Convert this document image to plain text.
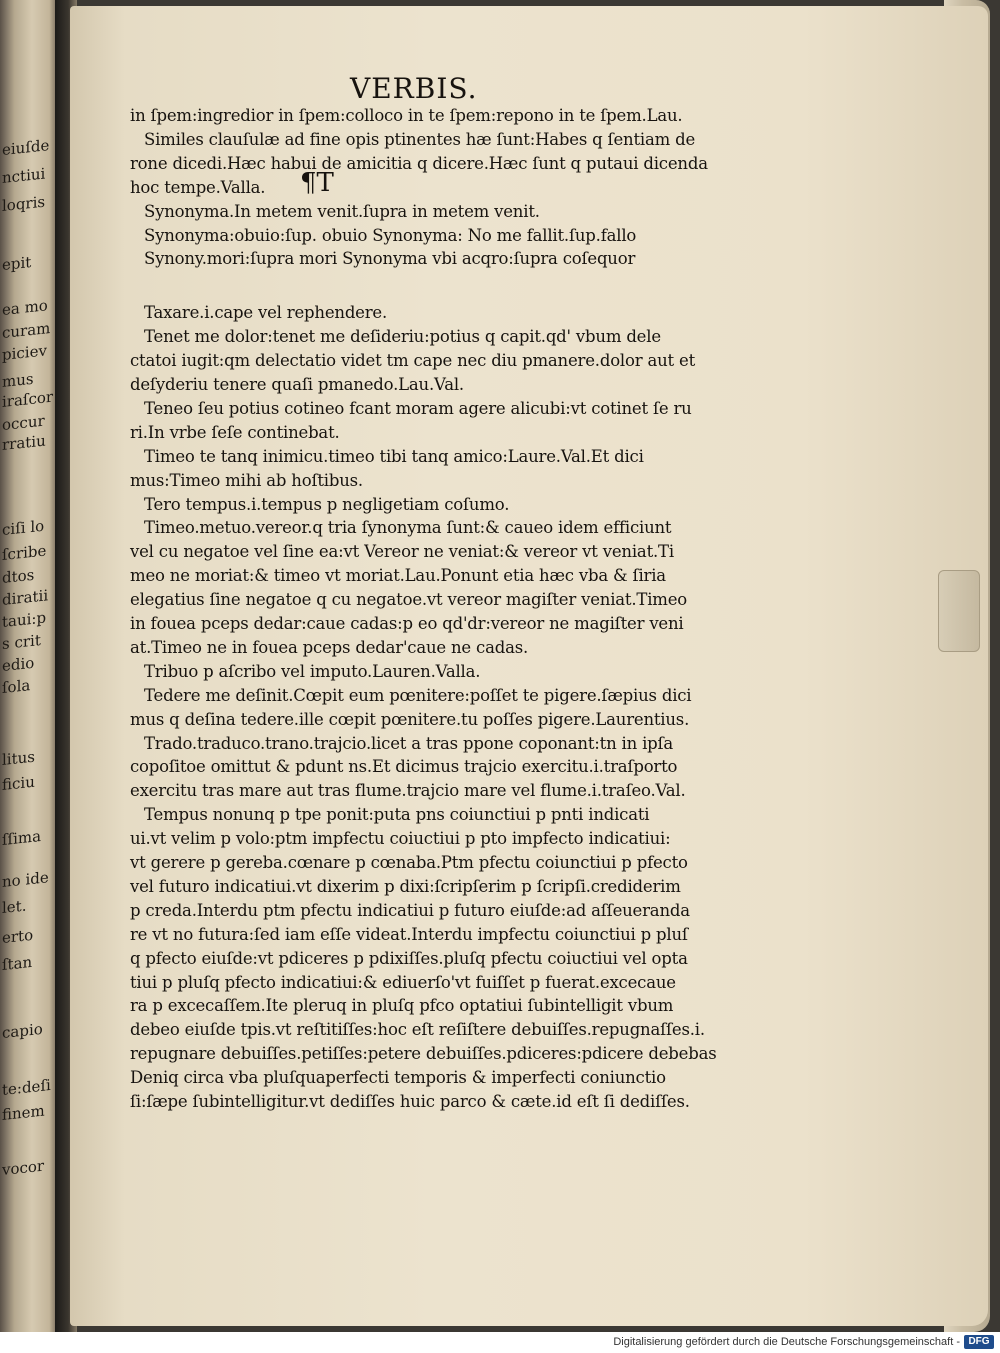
eiuſde
nctiui
loqris
epit
ea mo
curam
piciev
mus
iraſcor
occur
rratiu
ciſi lo
ſcribe
dtos
diratii
taui:p
s crit
edio
ſola
litus
ficiu
ſſima
no ide
let.
erto
ſtan
capio
te:deſi
finem
vocor
VERBIS.
¶T
in ſpem:ingredior in ſpem:colloco in te ſpem:repono in te ſpem.Lau.
Similes clauſulæ ad fine opis ptinentes hæ ſunt:Habes q ſentiam de
rone dicedi.Hæc habui de amicitia q dicere.Hæc ſunt q putaui dicenda
hoc tempe.Valla.
Synonyma.In metem venit.ſupra in metem venit.
Synonyma:obuio:ſup. obuio Synonyma: No me fallit.ſup.fallo
Synony.mori:ſupra mori Synonyma vbi acqro:ſupra coſequor
Taxare.i.cape vel rephendere.
Tenet me dolor:tenet me deſideriu:potius q capit.qd' vbum dele
ctatoi iugit:qm delectatio videt tm cape nec diu pmanere.dolor aut et
deſyderiu tenere quaſi pmanedo.Lau.Val.
Teneo ſeu potius cotineo fcant moram agere alicubi:vt cotinet ſe ru
ri.In vrbe ſeſe continebat.
Timeo te tanq inimicu.timeo tibi tanq amico:Laure.Val.Et dici
mus:Timeo mihi ab hoſtibus.
Tero tempus.i.tempus p negligetiam coſumo.
Timeo.metuo.vereor.q tria ſynonyma ſunt:& caueo idem efficiunt
vel cu negatoe vel ſine ea:vt Vereor ne veniat:& vereor vt veniat.Ti
meo ne moriat:& timeo vt moriat.Lau.Ponunt etia hæc vba & ſiria
elegatius ſine negatoe q cu negatoe.vt vereor magiſter veniat.Timeo
in fouea pceps dedar:caue cadas:p eo qd'dr:vereor ne magiſter veni
at.Timeo ne in fouea pceps dedar'caue ne cadas.
Tribuo p aſcribo vel imputo.Lauren.Valla.
Tedere me deſinit.Cœpit eum pœnitere:poſſet te pigere.ſæpius dici
mus q deſina tedere.ille cœpit pœnitere.tu poſſes pigere.Laurentius.
Trado.traduco.trano.trajcio.licet a tras ppone coponant:tn in ipſa
copoſitoe omittut & pdunt ns.Et dicimus trajcio exercitu.i.traſporto
exercitu tras mare aut tras flume.trajcio mare vel flume.i.traſeo.Val.
Tempus nonunq p tpe ponit:puta pns coiunctiui p pnti indicati
ui.vt velim p volo:ptm impfectu coiuctiui p pto impfecto indicatiui:
vt gerere p gereba.cœnare p cœnaba.Ptm pfectu coiunctiui p pfecto
vel futuro indicatiui.vt dixerim p dixi:ſcripſerim p ſcripſi.crediderim
p creda.Interdu ptm pfectu indicatiui p futuro eiuſde:ad aſſeueranda
re vt no futura:ſed iam eſſe videat.Interdu impfectu coiunctiui p pluſ
q pfecto eiuſde:vt pdiceres p pdixiſſes.pluſq pfectu coiuctiui vel opta
tiui p pluſq pfecto indicatiui:& ediuerſo'vt fuiſſet p fuerat.excecaue
ra p excecaſſem.Ite pleruq in pluſq pfco optatiui ſubintelligit vbum
debeo eiuſde tpis.vt reſtitiſſes:hoc eſt reſiſtere debuiſſes.repugnaſſes.i.
repugnare debuiſſes.petiſſes:petere debuiſſes.pdiceres:pdicere debebas
Deniq circa vba pluſquaperfecti temporis & imperfecti coniunctio
ſi:ſæpe ſubintelligitur.vt dediſſes huic parco & cæte.id eſt ſi dediſſes.
Digitalisierung gefördert durch die Deutsche Forschungsgemeinschaft - DFG
